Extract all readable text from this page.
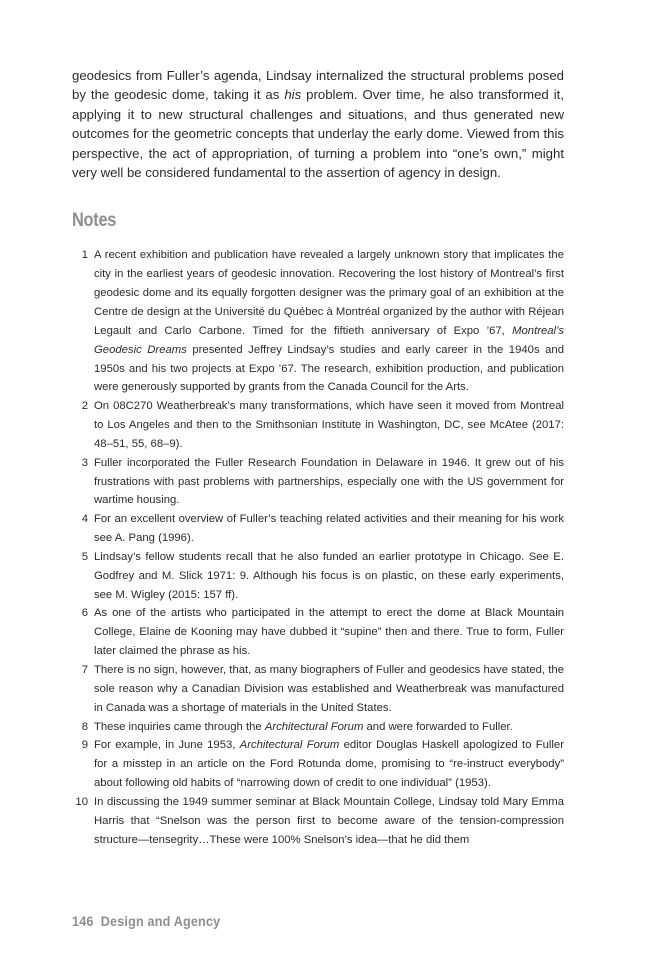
geodesics from Fuller’s agenda, Lindsay internalized the structural problems posed by the geodesic dome, taking it as his problem. Over time, he also transformed it, applying it to new structural challenges and situations, and thus generated new outcomes for the geometric concepts that underlay the early dome. Viewed from this perspective, the act of appropriation, of turning a problem into “one’s own,” might very well be considered fundamental to the assertion of agency in design.

Notes
1 A recent exhibition and publication have revealed a largely unknown story that implicates the city in the earliest years of geodesic innovation. Recovering the lost history of Montreal’s first geodesic dome and its equally forgotten designer was the primary goal of an exhibition at the Centre de design at the Université du Québec à Montréal organized by the author with Réjean Legault and Carlo Carbone. Timed for the fiftieth anniversary of Expo ’67, Montreal’s Geodesic Dreams presented Jeffrey Lindsay’s studies and early career in the 1940s and 1950s and his two projects at Expo ’67. The research, exhibition production, and publication were generously supported by grants from the Canada Council for the Arts.
2 On 08C270 Weatherbreak’s many transformations, which have seen it moved from Montreal to Los Angeles and then to the Smithsonian Institute in Washington, DC, see McAtee (2017: 48–51, 55, 68–9).
3 Fuller incorporated the Fuller Research Foundation in Delaware in 1946. It grew out of his frustrations with past problems with partnerships, especially one with the US government for wartime housing.
4 For an excellent overview of Fuller’s teaching related activities and their meaning for his work see A. Pang (1996).
5 Lindsay’s fellow students recall that he also funded an earlier prototype in Chicago. See E. Godfrey and M. Slick 1971: 9. Although his focus is on plastic, on these early experiments, see M. Wigley (2015: 157 ff).
6 As one of the artists who participated in the attempt to erect the dome at Black Mountain College, Elaine de Kooning may have dubbed it “supine” then and there. True to form, Fuller later claimed the phrase as his.
7 There is no sign, however, that, as many biographers of Fuller and geodesics have stated, the sole reason why a Canadian Division was established and Weatherbreak was manufactured in Canada was a shortage of materials in the United States.
8 These inquiries came through the Architectural Forum and were forwarded to Fuller.
9 For example, in June 1953, Architectural Forum editor Douglas Haskell apologized to Fuller for a misstep in an article on the Ford Rotunda dome, promising to “re-instruct everybody” about following old habits of “narrowing down of credit to one individual” (1953).
10 In discussing the 1949 summer seminar at Black Mountain College, Lindsay told Mary Emma Harris that “Snelson was the person first to become aware of the tension-compression structure—tensegrity…These were 100% Snelson’s idea—that he did them
146 Design and Agency
